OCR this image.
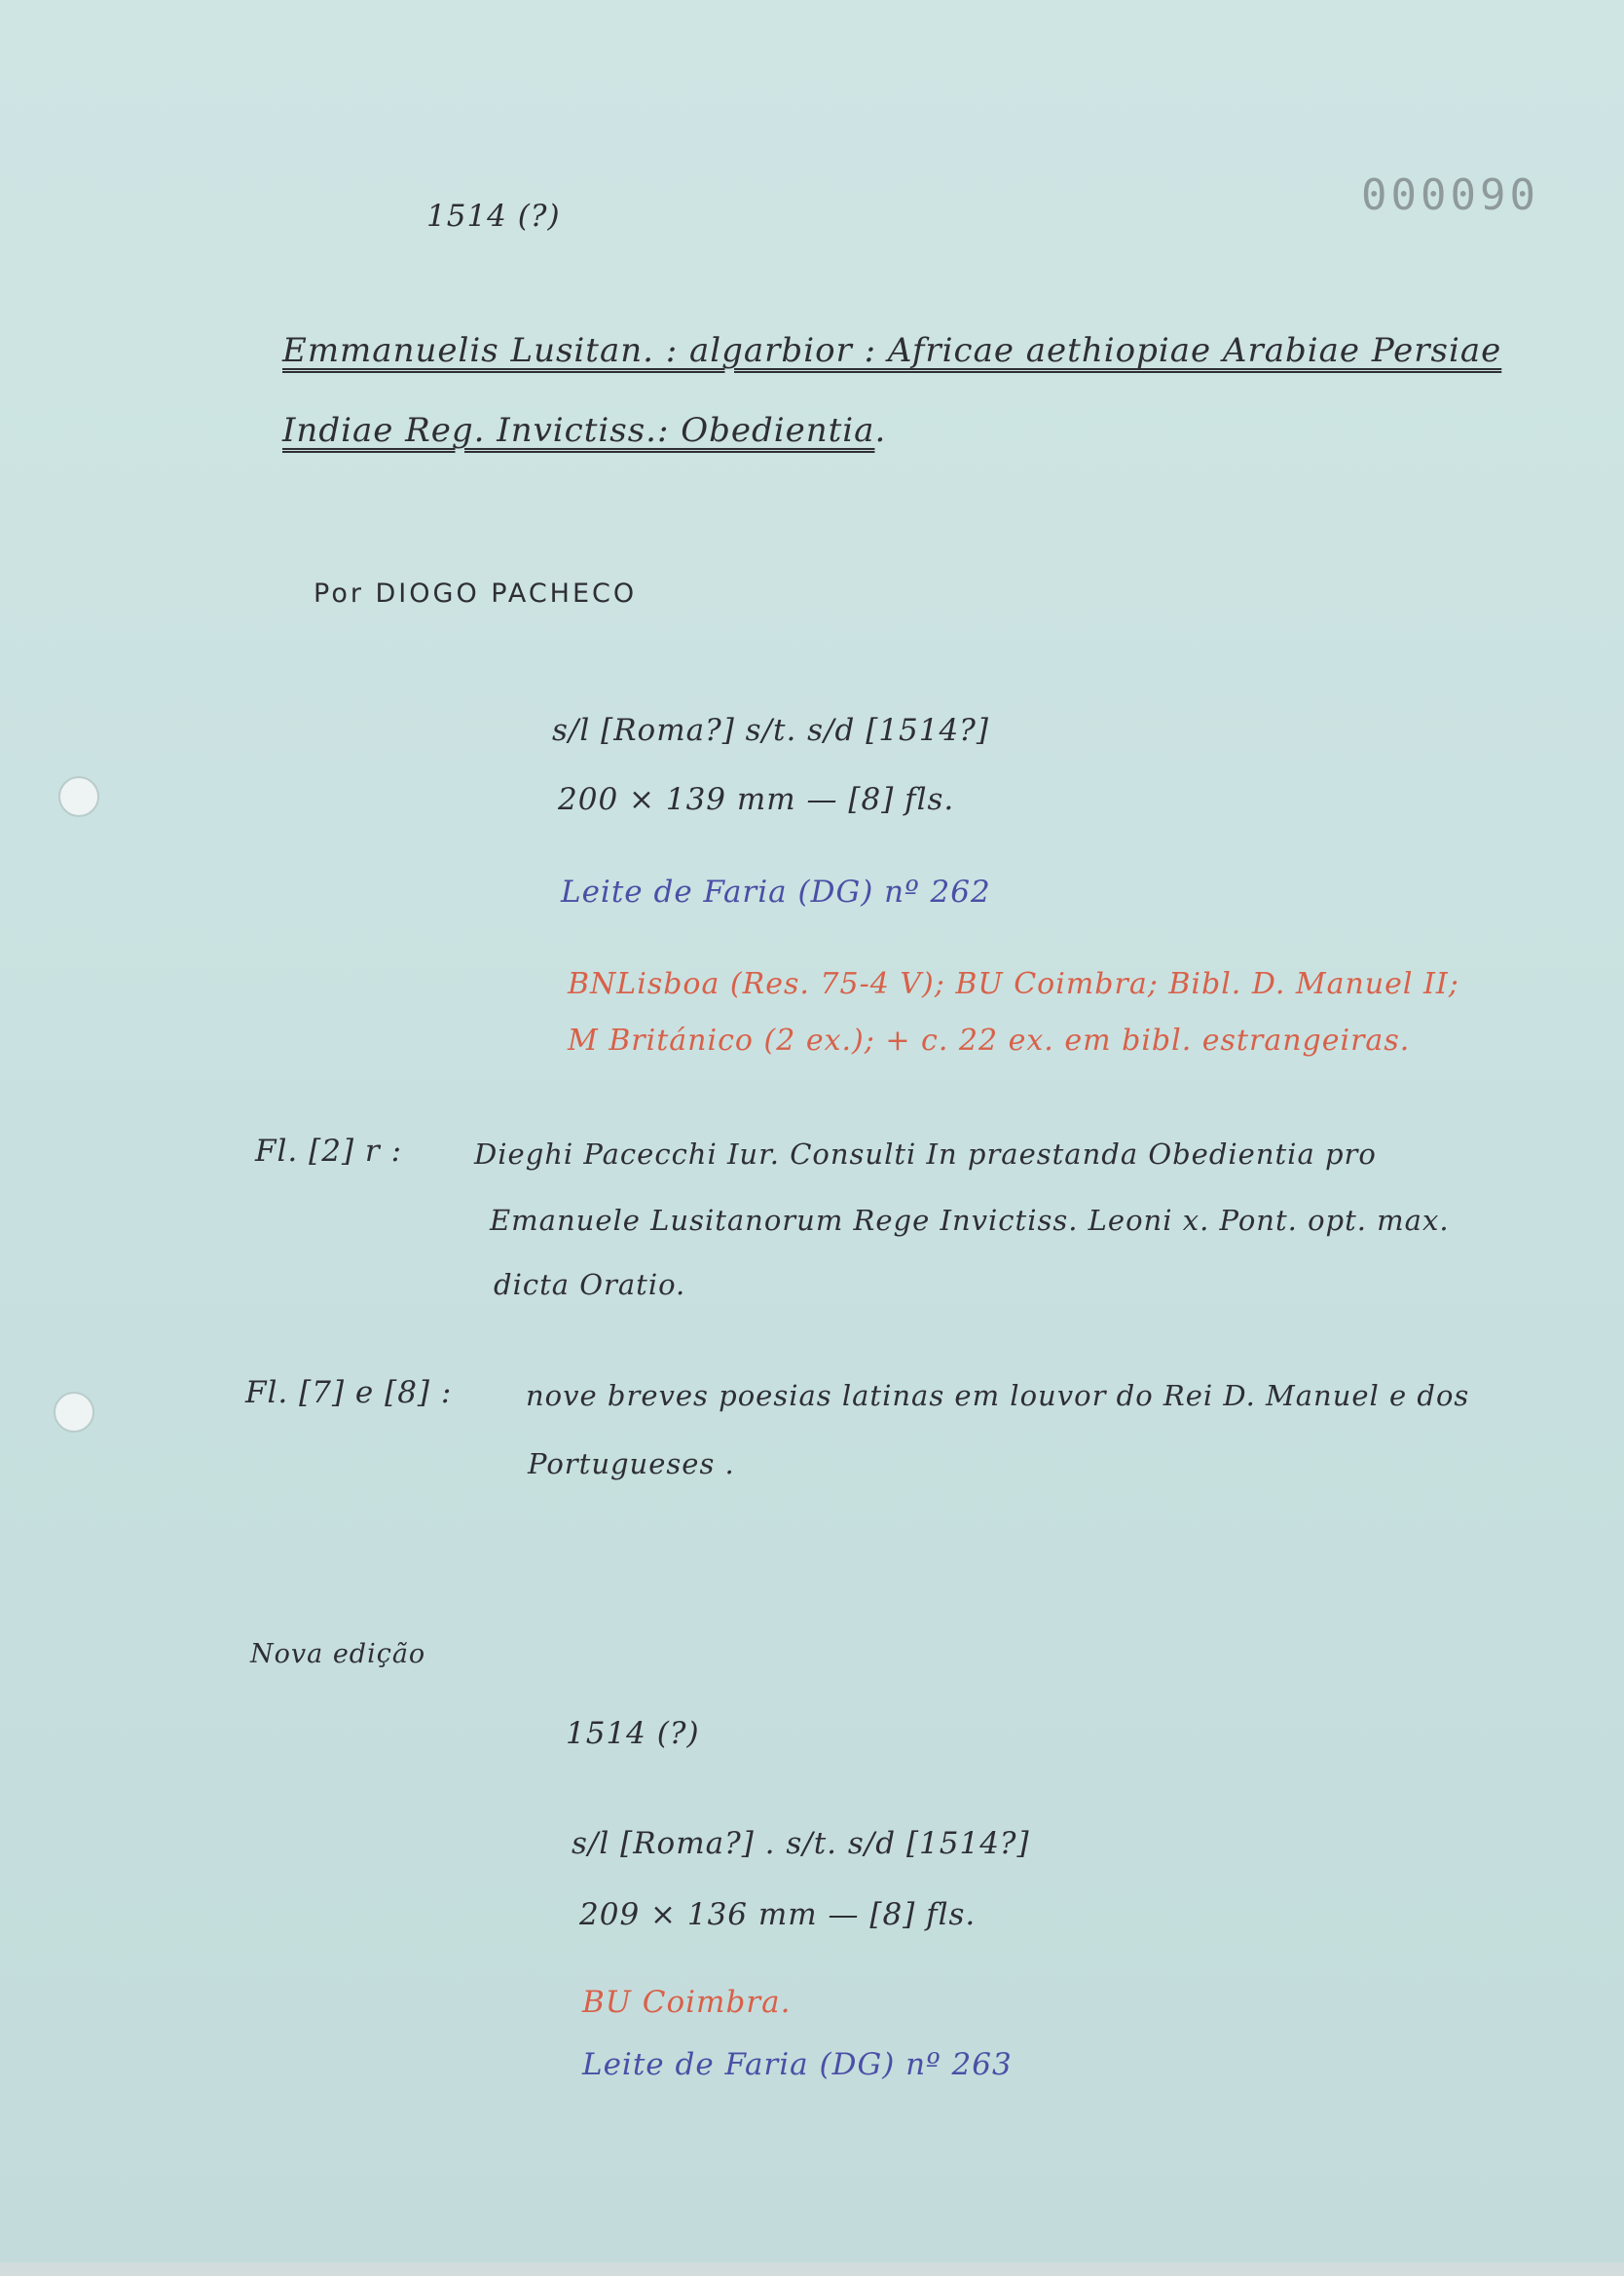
000090
1514 (?)
Emmanuelis Lusitan. : algarbior : Africae aethiopiae Arabiae Persiae
Indiae Reg. Invictiss.: Obedientia.
Por DIOGO PACHECO
s/l [Roma?] s/t. s/d [1514?]
200 × 139 mm — [8] fls.
Leite de Faria (DG) nº 262
BNLisboa (Res. 75-4 V); BU Coimbra; Bibl. D. Manuel II;
M Británico (2 ex.); + c. 22 ex. em bibl. estrangeiras.
Fl. [2] r :	Dieghi Pacecchi Iur. Consulti In praestanda Obedientia pro
Emanuele Lusitanorum Rege Invictiss. Leoni x. Pont. opt. max.
dicta Oratio.
Fl. [7] e [8] :	nove breves poesias latinas em louvor do Rei D. Manuel e dos
Portugueses .
Nova edição
1514 (?)
s/l [Roma?] . s/t. s/d [1514?]
209 × 136 mm — [8] fls.
BU Coimbra.
Leite de Faria (DG) nº 263
